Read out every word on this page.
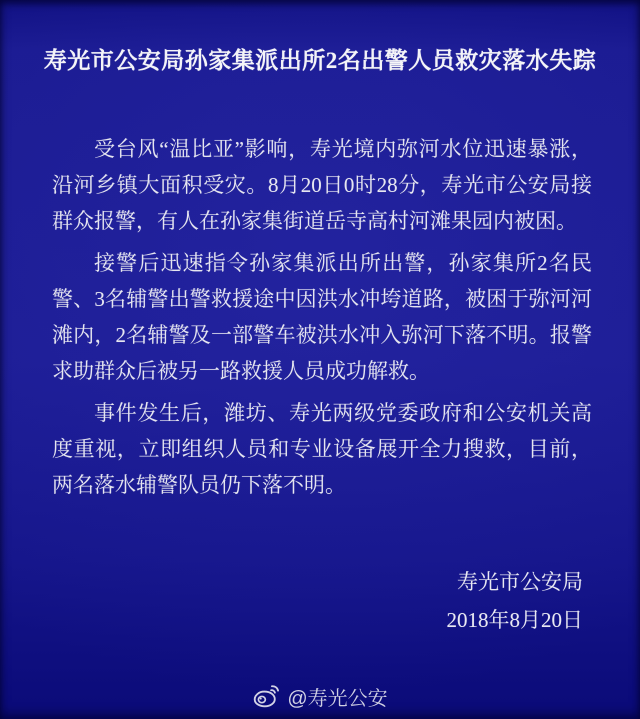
寿光市公安局孙家集派出所2名出警人员救灾落水失踪

受台风“温比亚”影响，寿光境内弥河水位迅速暴涨，沿河乡镇大面积受灾。8月20日0时28分，寿光市公安局接群众报警，有人在孙家集街道岳寺高村河滩果园内被困。

接警后迅速指令孙家集派出所出警，孙家集所2名民警、3名辅警出警救援途中因洪水冲垮道路，被困于弥河河滩内，2名辅警及一部警车被洪水冲入弥河下落不明。报警求助群众后被另一路救援人员成功解救。

事件发生后，潍坊、寿光两级党委政府和公安机关高度重视，立即组织人员和专业设备展开全力搜救，目前，两名落水辅警队员仍下落不明。

寿光市公安局
2018年8月20日
@寿光公安
